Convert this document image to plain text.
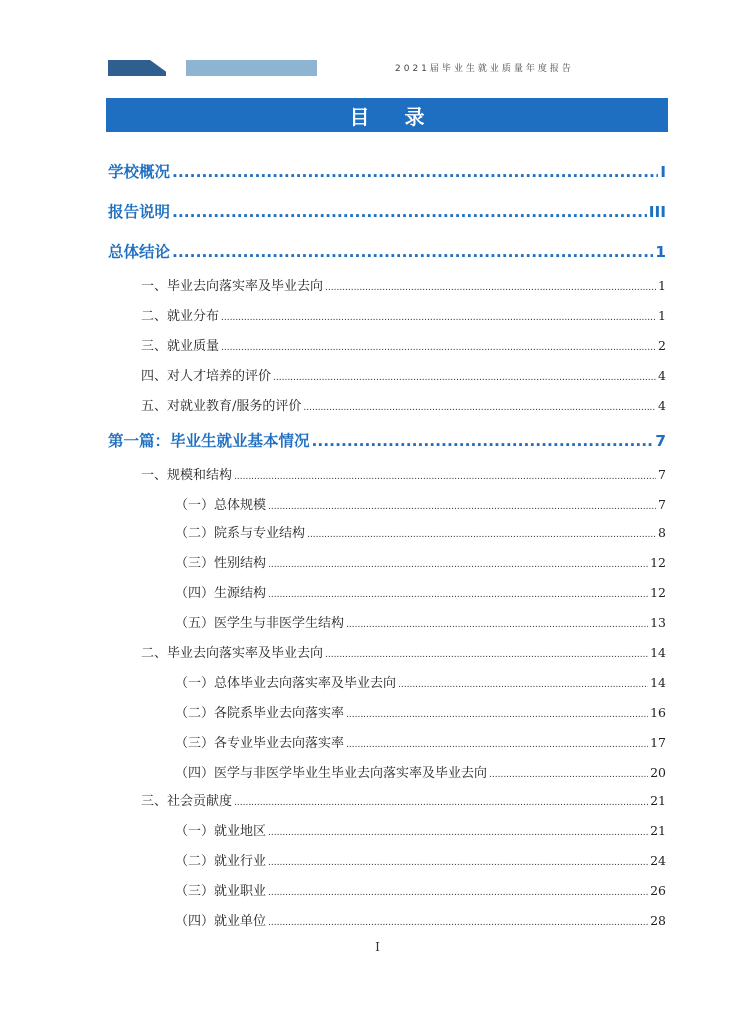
2021届毕业生就业质量年度报告
目 录
学校概况 .....	I
报告说明 .....	III
总体结论 .....	1
一、毕业去向落实率及毕业去向 .....	1
二、就业分布 .....	1
三、就业质量 .....	2
四、对人才培养的评价 .....	4
五、对就业教育/服务的评价 .....	4
第一篇：毕业生就业基本情况 .....	7
一、规模和结构 .....	7
（一）总体规模 .....	7
（二）院系与专业结构 .....	8
（三）性别结构 .....	12
（四）生源结构 .....	12
（五）医学生与非医学生结构 .....	13
二、毕业去向落实率及毕业去向 .....	14
（一）总体毕业去向落实率及毕业去向 .....	14
（二）各院系毕业去向落实率 .....	16
（三）各专业毕业去向落实率 .....	17
（四）医学与非医学毕业生毕业去向落实率及毕业去向 .....	20
三、社会贡献度 .....	21
（一）就业地区 .....	21
（二）就业行业 .....	24
（三）就业职业 .....	26
（四）就业单位 .....	28
I
